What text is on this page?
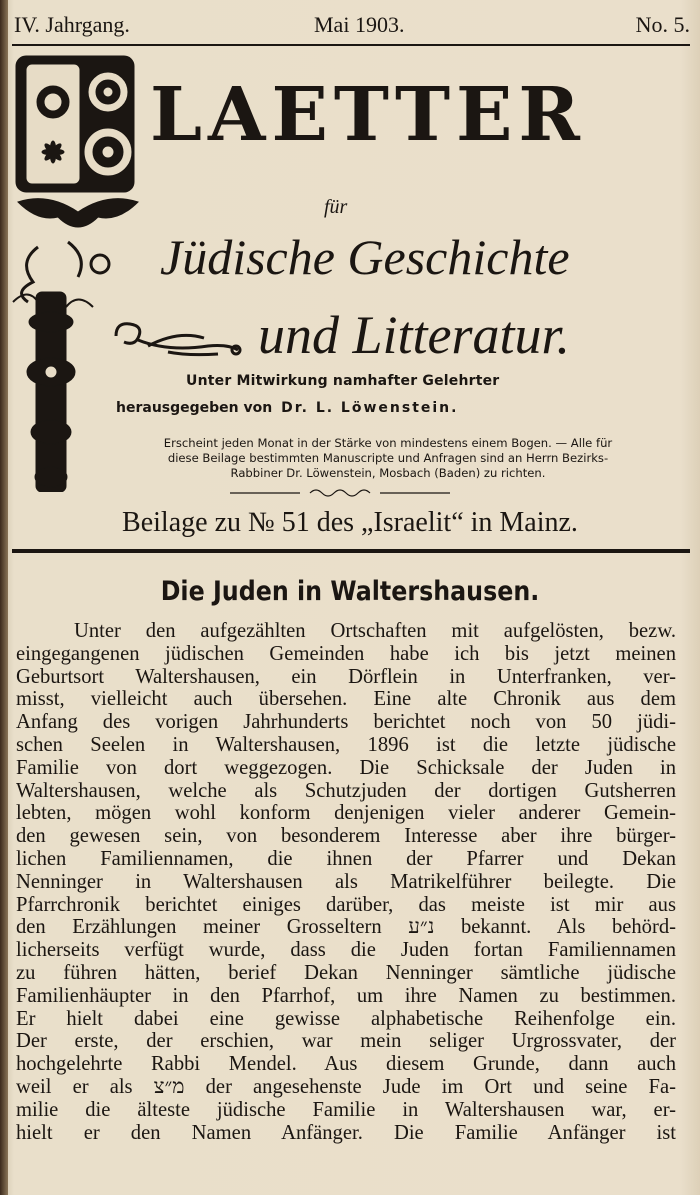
IV. Jahrgang.	Mai 1903.	No. 5.
LAETTER
für
Jüdische Geschichte
und Litteratur.
Unter Mitwirkung namhafter Gelehrter
herausgegeben von Dr. L. Löwenstein.
Erscheint jeden Monat in der Stärke von mindestens einem Bogen. — Alle für
diese Beilage bestimmten Manuscripte und Anfragen sind an Herrn Bezirks-
Rabbiner Dr. Löwenstein, Mosbach (Baden) zu richten.
Beilage zu № 51 des „Israelit“ in Mainz.
Die Juden in Waltershausen.
Unter den aufgezählten Ortschaften mit aufgelösten, bezw.
eingegangenen jüdischen Gemeinden habe ich bis jetzt meinen
Geburtsort Waltershausen, ein Dörflein in Unterfranken, ver-
misst, vielleicht auch übersehen. Eine alte Chronik aus dem
Anfang des vorigen Jahrhunderts berichtet noch von 50 jüdi-
schen Seelen in Waltershausen, 1896 ist die letzte jüdische
Familie von dort weggezogen. Die Schicksale der Juden in
Waltershausen, welche als Schutzjuden der dortigen Gutsherren
lebten, mögen wohl konform denjenigen vieler anderer Gemein-
den gewesen sein, von besonderem Interesse aber ihre bürger-
lichen Familiennamen, die ihnen der Pfarrer und Dekan
Nenninger in Waltershausen als Matrikelführer beilegte. Die
Pfarrchronik berichtet einiges darüber, das meiste ist mir aus
den Erzählungen meiner Grosseltern נ״ע bekannt. Als behörd-
licherseits verfügt wurde, dass die Juden fortan Familiennamen
zu führen hätten, berief Dekan Nenninger sämtliche jüdische
Familienhäupter in den Pfarrhof, um ihre Namen zu bestimmen.
Er hielt dabei eine gewisse alphabetische Reihenfolge ein.
Der erste, der erschien, war mein seliger Urgrossvater, der
hochgelehrte Rabbi Mendel. Aus diesem Grunde, dann auch
weil er als מ״צ der angesehenste Jude im Ort und seine Fa-
milie die älteste jüdische Familie in Waltershausen war, er-
hielt er den Namen Anfänger. Die Familie Anfänger ist
